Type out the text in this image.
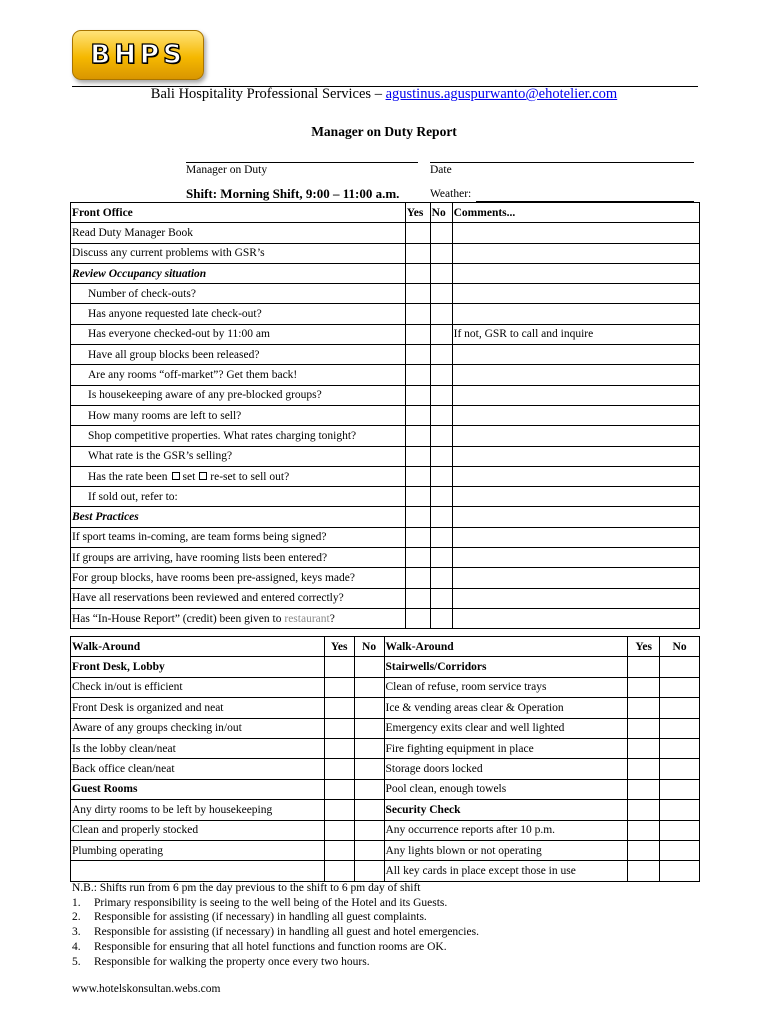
BHPS
Bali Hospitality Professional Services – agustinus.aguspurwanto@ehotelier.com
Manager on Duty Report
Manager on Duty	Date
Shift: Morning Shift, 9:00 – 11:00 a.m.	Weather:
Front Office	Yes	No	Comments...
Read Duty Manager Book			
Discuss any current problems with GSR’s			
Review Occupancy situation			
Number of check-outs?			
Has anyone requested late check-out?			
Has everyone checked-out by 11:00 am			If not, GSR to call and inquire
Have all group blocks been released?			
Are any rooms “off-market”? Get them back!			
Is housekeeping aware of any pre-blocked groups?			
How many rooms are left to sell?			
Shop competitive properties. What rates charging tonight?			
What rate is the GSR’s selling?			
Has the rate been set re-set to sell out?			
If sold out, refer to:			
Best Practices			
If sport teams in-coming, are team forms being signed?			
If groups are arriving, have rooming lists been entered?			
For group blocks, have rooms been pre-assigned, keys made?			
Have all reservations been reviewed and entered correctly?			
Has “In-House Report” (credit) been given to restaurant?			
Walk-Around	Yes	No	Walk-Around	Yes	No
Front Desk, Lobby			Stairwells/Corridors		
Check in/out is efficient			Clean of refuse, room service trays		
Front Desk is organized and neat			Ice & vending areas clear & Operation		
Aware of any groups checking in/out			Emergency exits clear and well lighted		
Is the lobby clean/neat			Fire fighting equipment in place		
Back office clean/neat			Storage doors locked		
Guest Rooms			Pool clean, enough towels		
Any dirty rooms to be left by housekeeping			Security Check		
Clean and properly stocked			Any occurrence reports after 10 p.m.		
Plumbing operating			Any lights blown or not operating		
			All key cards in place except those in use		
N.B.: Shifts run from 6 pm the day previous to the shift to 6 pm day of shift
1. Primary responsibility is seeing to the well being of the Hotel and its Guests.
2. Responsible for assisting (if necessary) in handling all guest complaints.
3. Responsible for assisting (if necessary) in handling all guest and hotel emergencies.
4. Responsible for ensuring that all hotel functions and function rooms are OK.
5. Responsible for walking the property once every two hours.
www.hotelskonsultan.webs.com
